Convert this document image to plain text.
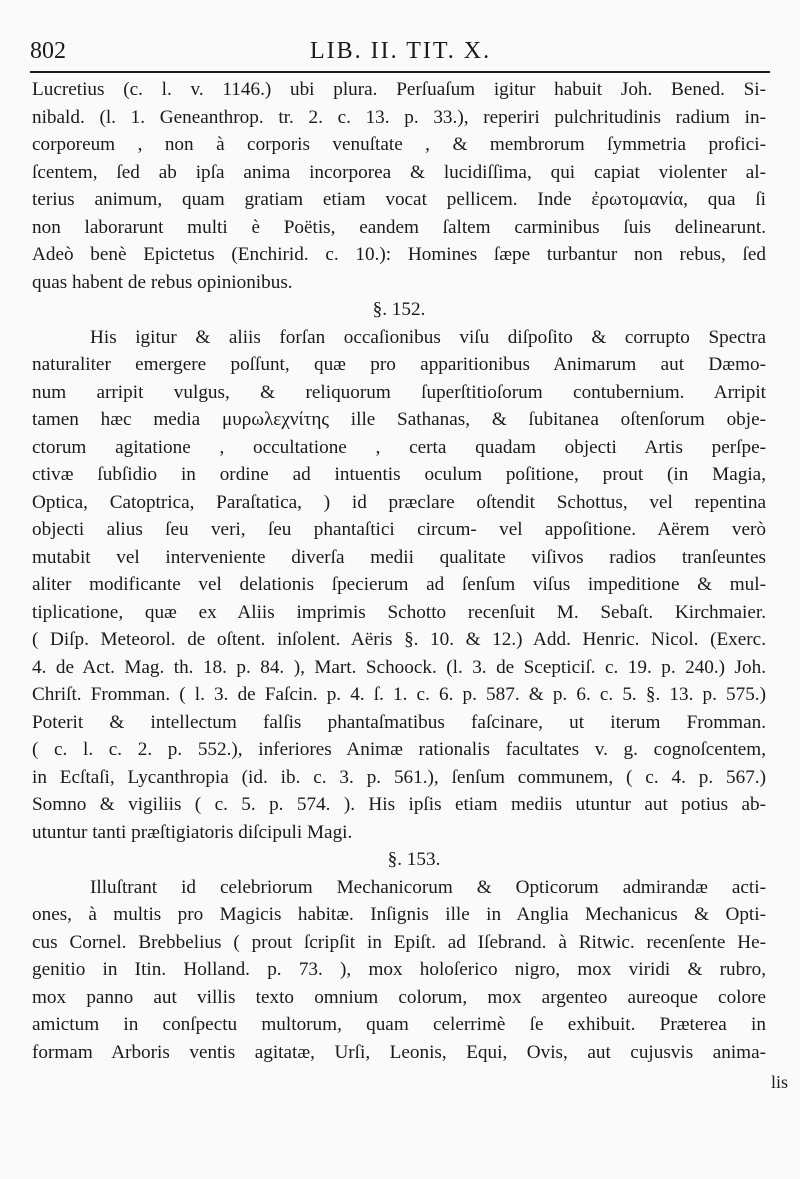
802	LIB. II. TIT. X.
Lucretius (c. l. v. 1146.) ubi plura. Perſuaſum igitur habuit Joh. Bened. Si-
nibald. (l. 1. Geneanthrop. tr. 2. c. 13. p. 33.), reperiri pulchritudinis radium in-
corporeum , non à corporis venuſtate , & membrorum ſymmetria profici-
ſcentem, ſed ab ipſa anima incorporea & lucidiſſima, qui capiat violenter al-
terius animum, quam gratiam etiam vocat pellicem. Inde ἐρωτομανία, qua ſi
non laborarunt multi è Poëtis, eandem ſaltem carminibus ſuis delinearunt.
Adeò benè Epictetus (Enchirid. c. 10.): Homines ſæpe turbantur non rebus, ſed
quas habent de rebus opinionibus.
§. 152.
His igitur & aliis forſan occaſionibus viſu diſpoſito & corrupto Spectra
naturaliter emergere poſſunt, quæ pro apparitionibus Animarum aut Dæmo-
num arripit vulgus, & reliquorum ſuperſtitioſorum contubernium. Arripit
tamen hæc media μυρωλεχνίτης ille Sathanas, & ſubitanea oſtenſorum obje-
ctorum agitatione , occultatione , certa quadam objecti Artis perſpe-
ctivæ ſubſidio in ordine ad intuentis oculum poſitione, prout (in Magia,
Optica, Catoptrica, Paraſtatica, ) id præclare oſtendit Schottus, vel repentina
objecti alius ſeu veri, ſeu phantaſtici circum- vel appoſitione. Aërem verò
mutabit vel interveniente diverſa medii qualitate viſivos radios tranſeuntes
aliter modificante vel delationis ſpecierum ad ſenſum viſus impeditione & mul-
tiplicatione, quæ ex Aliis imprimis Schotto recenſuit M. Sebaſt. Kirchmaier.
( Diſp. Meteorol. de oſtent. inſolent. Aëris §. 10. & 12.) Add. Henric. Nicol. (Exerc.
4. de Act. Mag. th. 18. p. 84. ), Mart. Schoock. (l. 3. de Scepticiſ. c. 19. p. 240.) Joh.
Chriſt. Fromman. ( l. 3. de Faſcin. p. 4. ſ. 1. c. 6. p. 587. & p. 6. c. 5. §. 13. p. 575.)
Poterit & intellectum falſis phantaſmatibus faſcinare, ut iterum Fromman.
( c. l. c. 2. p. 552.), inferiores Animæ rationalis facultates v. g. cognoſcentem,
in Ecſtaſi, Lycanthropia (id. ib. c. 3. p. 561.), ſenſum communem, ( c. 4. p. 567.)
Somno & vigiliis ( c. 5. p. 574. ). His ipſis etiam mediis utuntur aut potius ab-
utuntur tanti præſtigiatoris diſcipuli Magi.
§. 153.
Illuſtrant id celebriorum Mechanicorum & Opticorum admirandæ acti-
ones, à multis pro Magicis habitæ. Inſignis ille in Anglia Mechanicus & Opti-
cus Cornel. Brebbelius ( prout ſcripſit in Epiſt. ad Iſebrand. à Ritwic. recenſente He-
genitio in Itin. Holland. p. 73. ), mox holoſerico nigro, mox viridi & rubro,
mox panno aut villis texto omnium colorum, mox argenteo aureoque colore
amictum in conſpectu multorum, quam celerrimè ſe exhibuit. Præterea in
formam Arboris ventis agitatæ, Urſi, Leonis, Equi, Ovis, aut cujusvis anima-
lis
